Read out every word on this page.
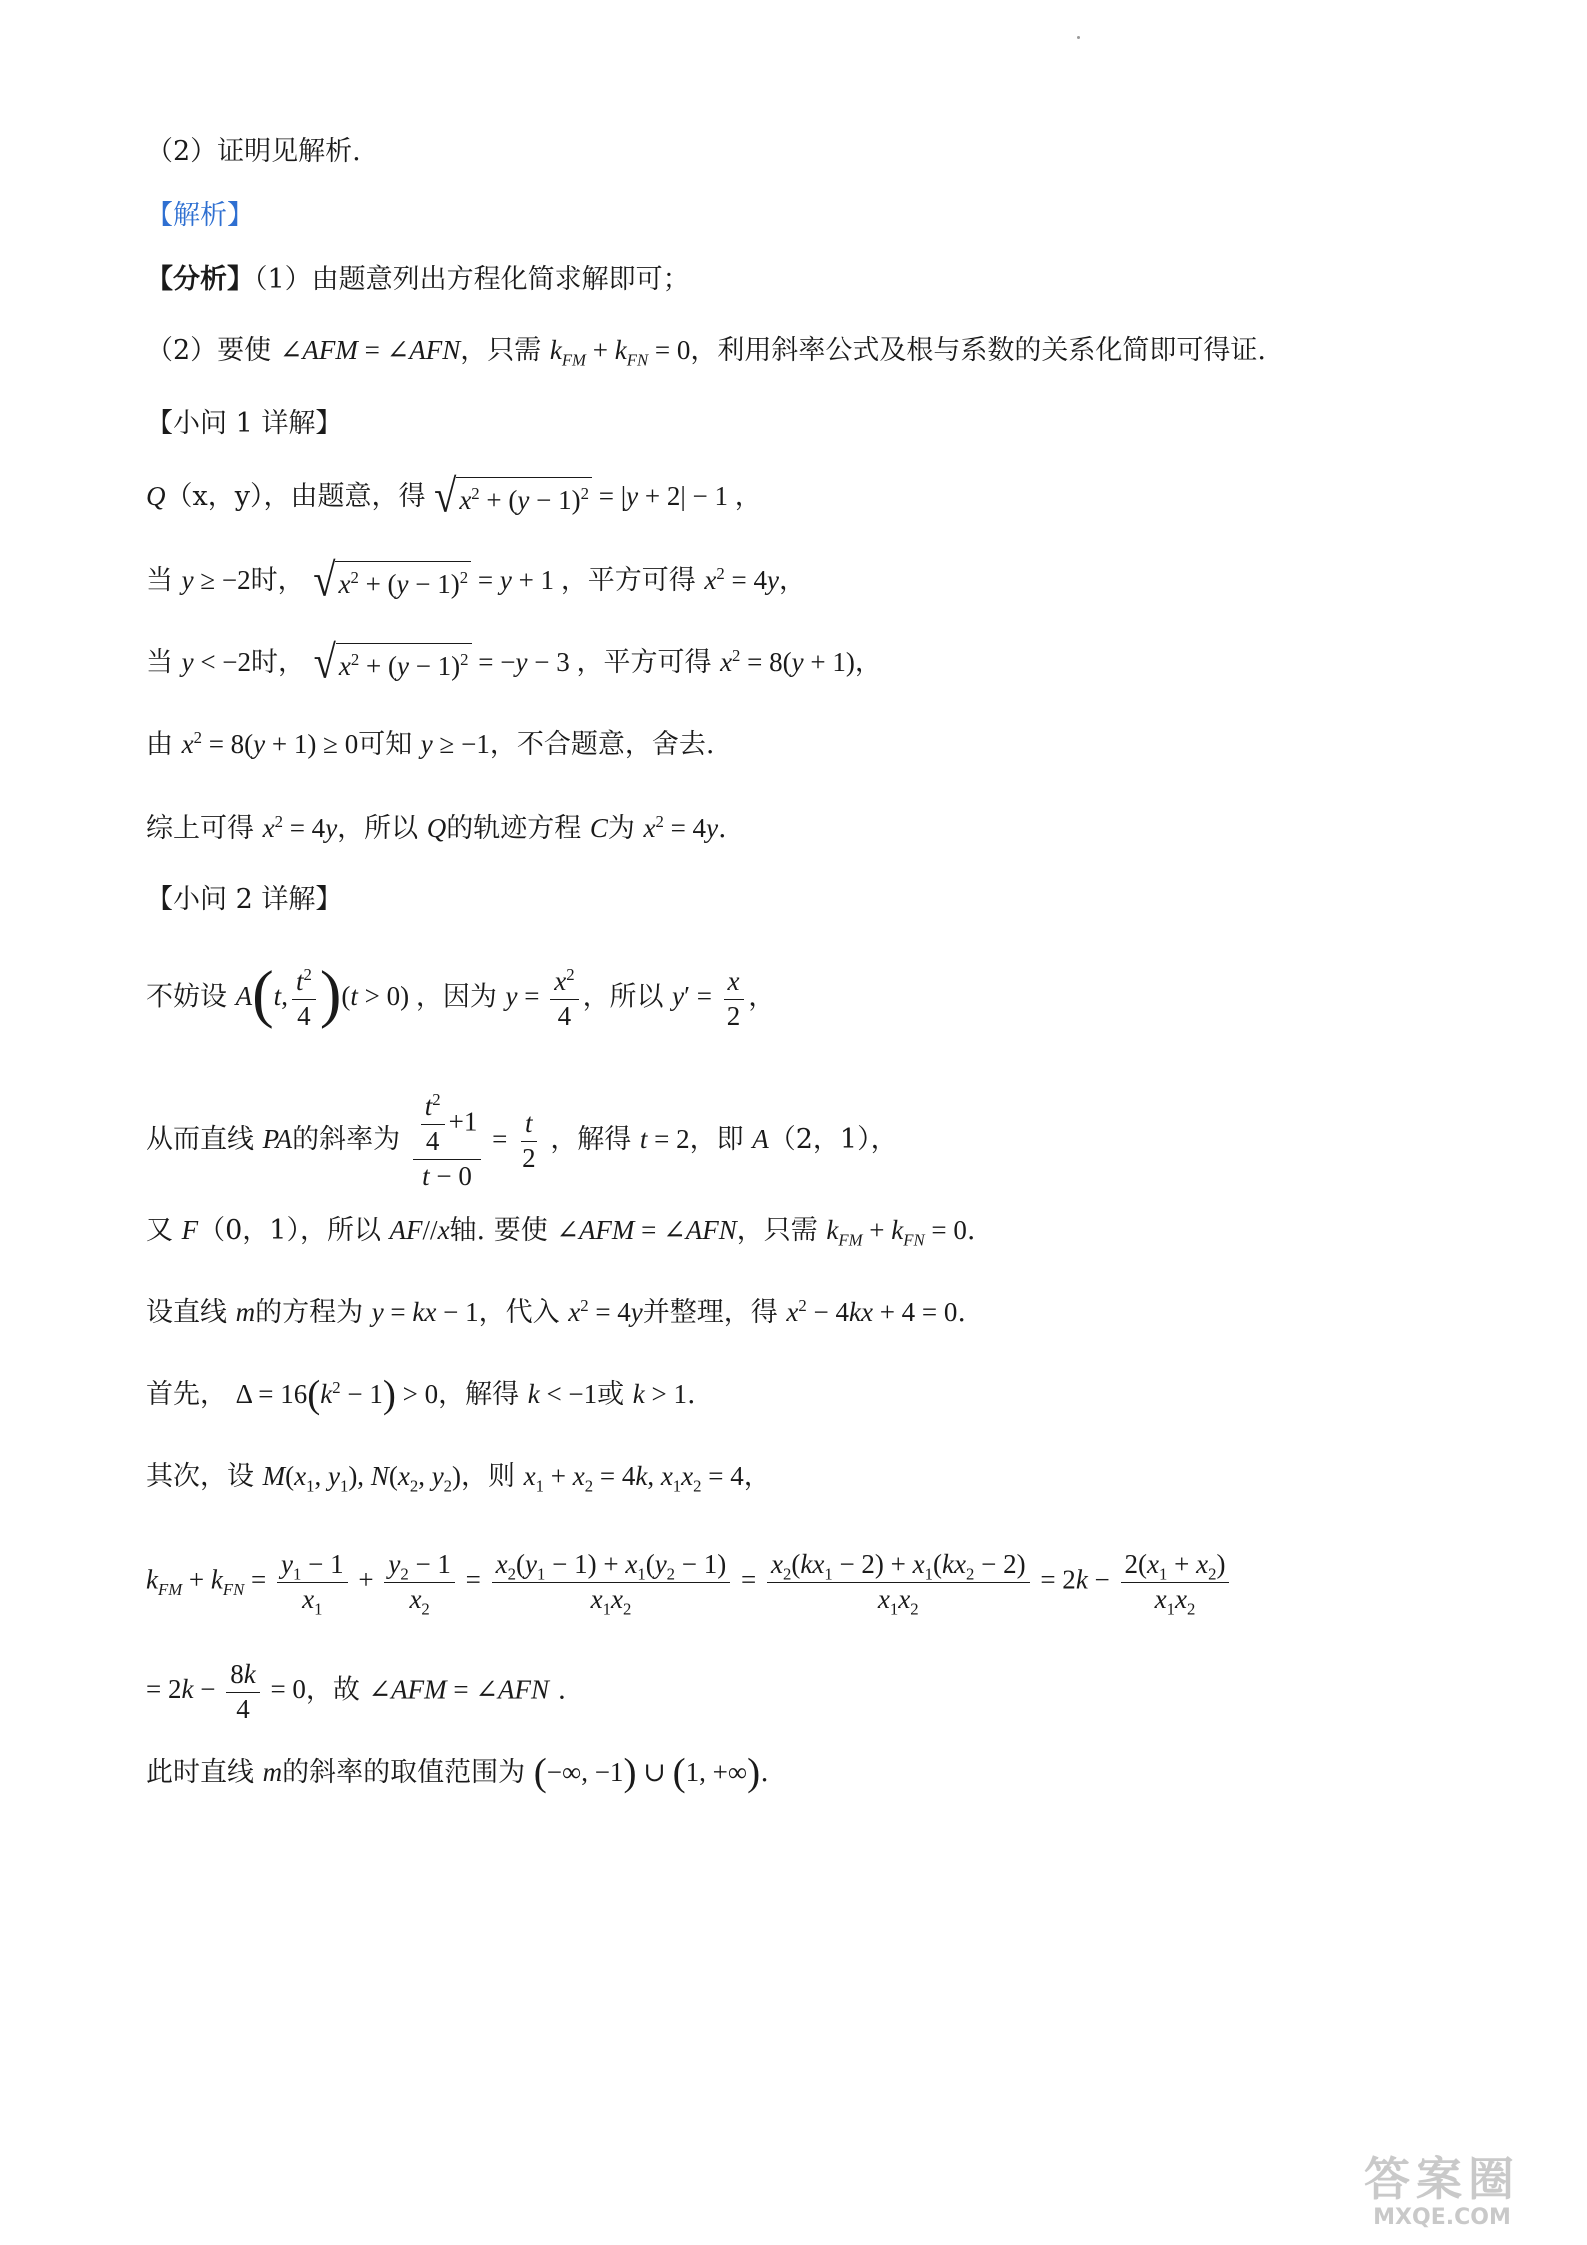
（2）证明见解析.
【解析】
【分析】（1）由题意列出方程化简求解即可；
（2）要使 ∠AFM = ∠AFN，只需 $k_{FM} + k_{FN} = 0$，利用斜率公式及根与系数的关系化简即可得证.
【小问 1 详解】
Q（x，y），由题意，得 √ $x^2 + (y - 1)^2 = |y + 2| - 1$ ，
当 y ≥ −2时， √ $x^2 + (y - 1)^2 = y + 1$ ，平方可得 $x^2 = 4y$，
当 y < −2时， √ $x^2 + (y - 1)^2 = -y - 3$ ，平方可得 $x^2 = 8(y + 1)$，
由 $x^2 = 8(y + 1) \ge 0$可知 y ≥ −1，不合题意，舍去.
综上可得 $x^2 = 4y$，所以 Q的轨迹方程 C为 $x^2 = 4y$.
【小问 2 详解】
不妨设 A(t, $\frac{t^2}{4} )(t > 0)$ ，因为 $y = \frac{x^2}{4}$ ，所以 $y' = \frac{x}{2}$ ，
从而直线 PA的斜率为 $\frac{\frac{t^2}{4} +1}{t - 0} = \frac{t}{2}$ ，解得 t = 2，即 A（2，1），
又 F（0，1），所以 AF//x轴. 要使 ∠AFM = ∠AFN，只需 $k_{FM} + k_{FN} = 0$.
设直线 m的方程为 y = kx − 1，代入 $x^2 = 4y$并整理，得 $x^2 - 4kx + 4 = 0$.
首先， $\Delta = 16(k^2 - 1) > 0$，解得 k < −1或 k > 1.
其次，设 $M(x_1$, $y_1$), $N(x_2$, $y_2$)，则 $x_1 + x_2 = 4k$, $x_1x_2 = 4$，
$k_{FM} + k_{FN} = \frac{y_1 - 1}{x_1} + \frac{y_2 - 1}{x_2} = \frac{x_2(y_1 - 1) + x_1(y_2 - 1)}{x_1x_2} = \frac{x_2(kx_1 - 2) + x_1(kx_2 - 2)}{x_1x_2} = 2k - \frac{2(x_1 + x_2)}{x_1x_2}$
= $2k - \frac{8k}{4} = 0$，故 ∠AFM = ∠AFN .
此时直线 m的斜率的取值范围为 (−∞, −1) ∪ (1, +∞).
答案圈
MXQE.COM
